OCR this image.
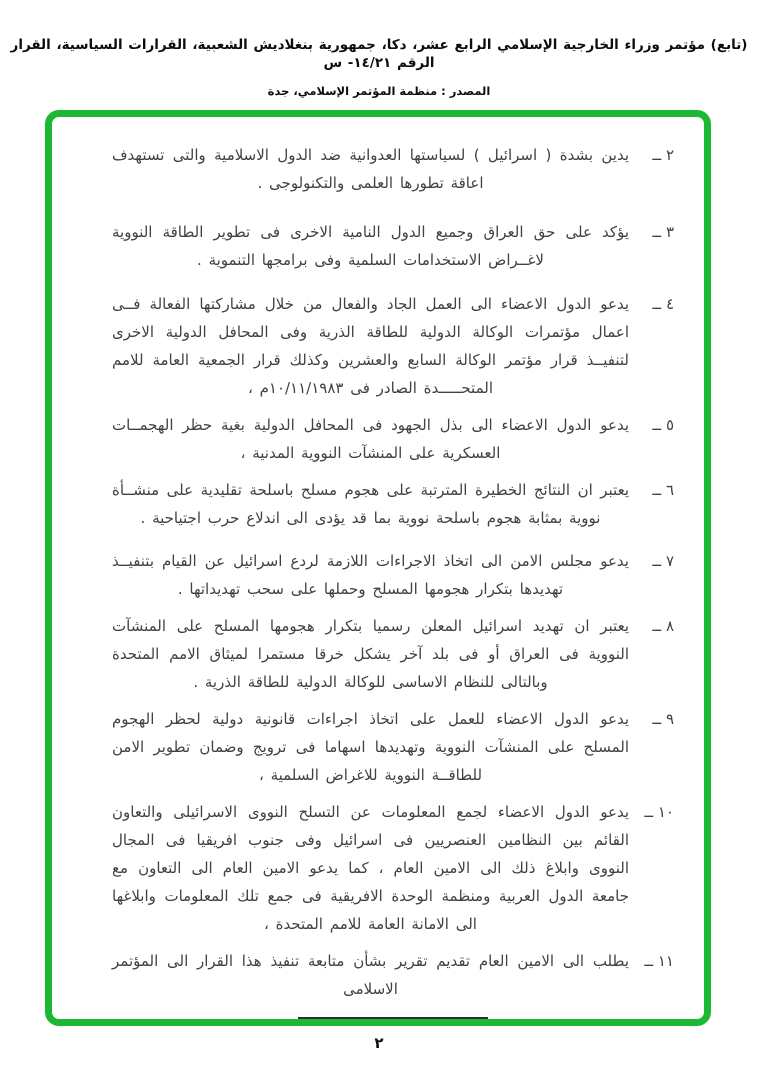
(تابع) مؤتمر وزراء الخارجية الإسلامي الرابع عشر، دكا، جمهورية بنغلاديش الشعبية، القرارات السياسية، القرار الرقم ١٤/٢١- س
المصدر : منظمة المؤتمر الإسلامي، جدة
٢ ــ
يدين بشدة ( اسرائيل ) لسياستها العدوانية ضد الدول الاسلامية والتى تستهدف اعاقة تطورها العلمى والتكنولوجى .
٣ ــ
يؤكد على حق العراق وجميع الدول النامية الاخرى فى تطوير الطاقة النووية لاغــراض الاستخدامات السلمية وفى برامجها التنموية .
٤ ــ
يدعو الدول الاعضاء الى العمل الجاد والفعال من خلال مشاركتها الفعالة فــى اعمال مؤتمرات الوكالة الدولية للطاقة الذرية وفى المحافل الدولية الاخرى لتنفيــذ قرار مؤتمر الوكالة السابع والعشرين وكذلك قرار الجمعية العامة للامم المتحـــــدة الصادر فى ١٠/١١/١٩٨٣م ،
٥ ــ
يدعو الدول الاعضاء الى بذل الجهود فى المحافل الدولية بغية حظر الهجمــات العسكرية على المنشآت النووية المدنية ،
٦ ــ
يعتبر ان النتائج الخطيرة المترتبة على هجوم مسلح باسلحة تقليدية على منشــأة نووية بمثابة هجوم باسلحة نووية بما قد يؤدى الى اندلاع حرب اجتياحية .
٧ ــ
يدعو مجلس الامن الى اتخاذ الاجراءات اللازمة لردع اسرائيل عن القيام بتنفيــذ تهديدها بتكرار هجومها المسلح وحملها على سحب تهديداتها .
٨ ــ
يعتبر ان تهديد اسرائيل المعلن رسميا بتكرار هجومها المسلح على المنشآت النووية فى العراق أو فى بلد آخر يشكل خرقا مستمرا لميثاق الامم المتحدة وبالتالى للنظام الاساسى للوكالة الدولية للطاقة الذرية .
٩ ــ
يدعو الدول الاعضاء للعمل على اتخاذ اجراءات قانونية دولية لحظر الهجوم المسلح على المنشآت النووية وتهديدها اسهاما فى ترويج وضمان تطوير الامن للطاقــة النووية للاغراض السلمية ،
١٠ ــ
يدعو الدول الاعضاء لجمع المعلومات عن التسلح النووى الاسرائيلى والتعاون القائم بين النظامين العنصريين فى اسرائيل وفى جنوب افريقيا فى المجال النووى وابلاغ ذلك الى الامين العام ، كما يدعو الامين العام الى التعاون مع جامعة الدول العربية ومنظمة الوحدة الافريقية فى جمع تلك المعلومات وابلاغها الى الامانة العامة للامم المتحدة ،
١١ ــ
يطلب الى الامين العام تقديم تقرير بشأن متابعة تنفيذ هذا القرار الى المؤتمر الاسلامى
٢
